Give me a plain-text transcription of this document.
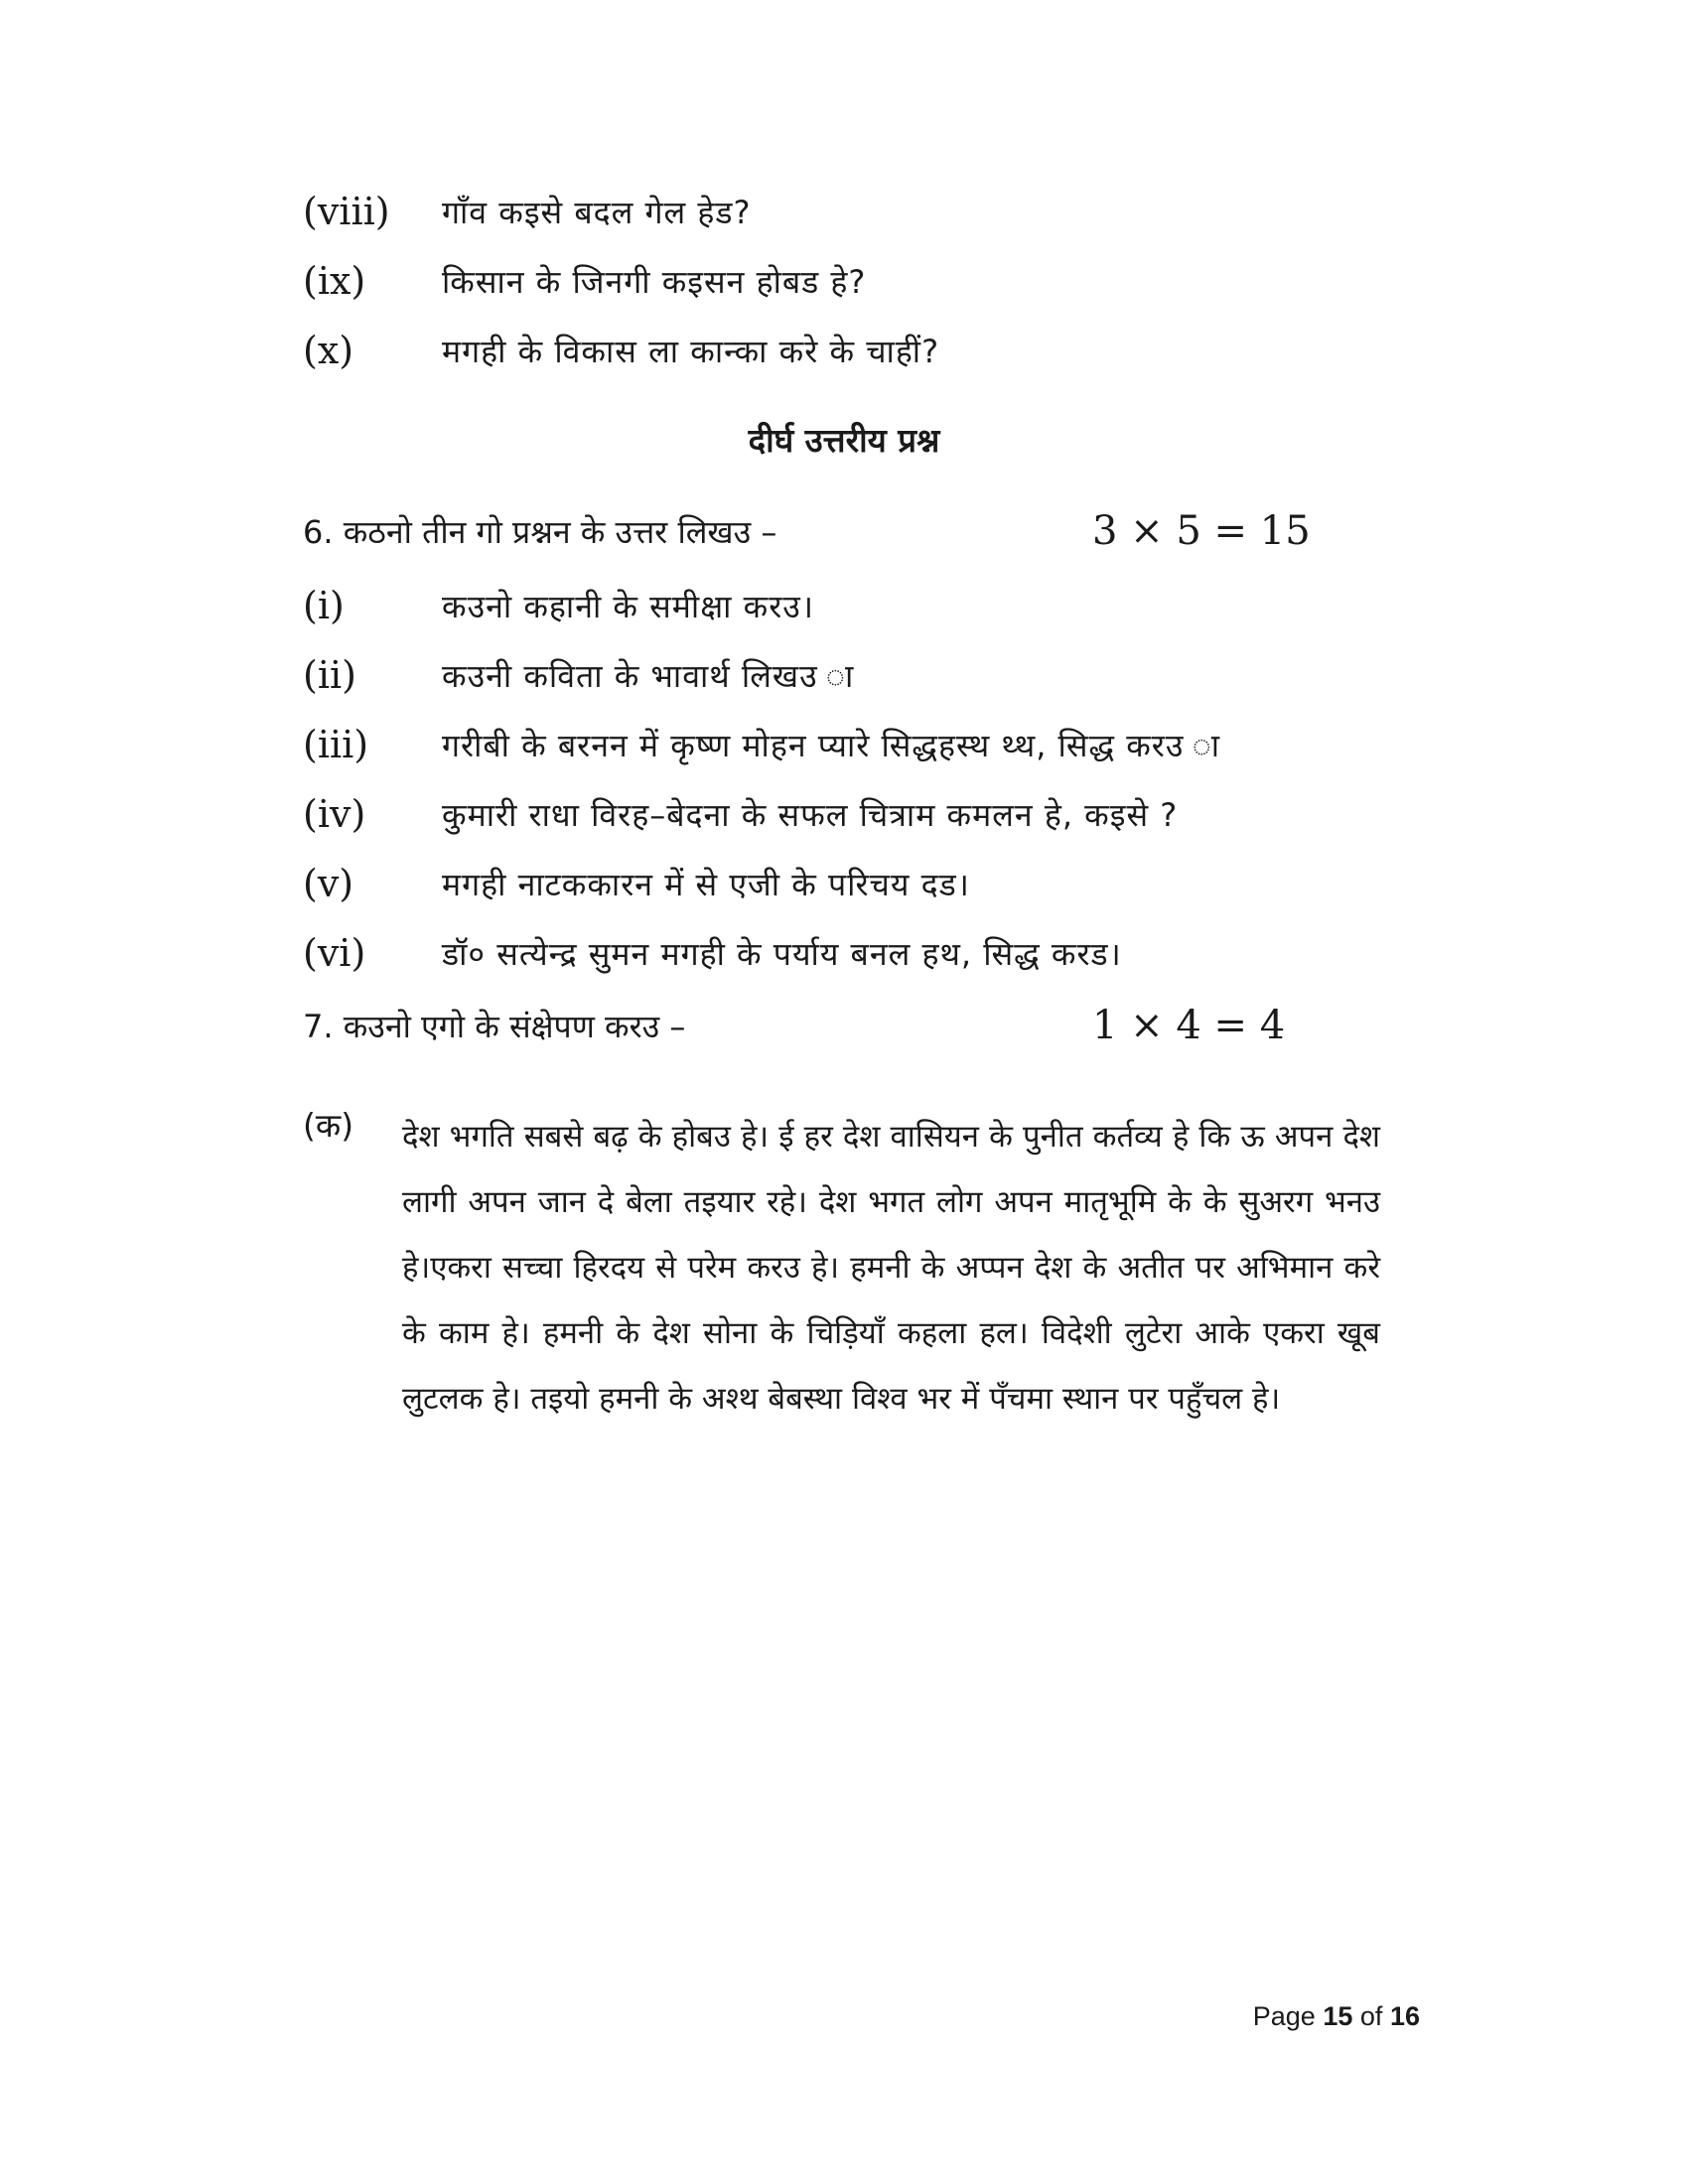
(viii)	गाँव कइसे बदल गेल हेड?
(ix)	किसान के जिनगी कइसन होबड हे?
(x)	मगही के विकास ला कान्का करे के चाहीं?
दीर्घ उत्तरीय प्रश्न
6. कठनो तीन गो प्रश्नन के उत्तर लिखउ –	3 × 5 = 15
(i)	कउनो कहानी के समीक्षा करउ।
(ii)	कउनी कविता के भावार्थ लिखउ ा
(iii)	गरीबी के बरनन में कृष्ण मोहन प्यारे सिद्धहस्थ थ्थ, सिद्ध करउ ा
(iv)	कुमारी राधा विरह–बेदना के सफल चित्राम कमलन हे, कइसे ?
(v)	मगही नाटककारन में से एजी के परिचय दड।
(vi)	डॉ० सत्येन्द्र सुमन मगही के पर्याय बनल हथ, सिद्ध करड।
7. कउनो एगो के संक्षेपण करउ –	1 × 4 = 4
(क) देश भगति सबसे बढ़ के होबउ हे। ई हर देश वासियन के पुनीत कर्तव्य हे कि ऊ अपन देश लागी अपन जान दे बेला तइयार रहे। देश भगत लोग अपन मातृभूमि के के सुअरग भनउ हे।एकरा सच्चा हिरदय से परेम करउ हे। हमनी के अप्पन देश के अतीत पर अभिमान करे के काम हे। हमनी के देश सोना के चिड़ियाँ कहला हल। विदेशी लुटेरा आके एकरा खूब लुटलक हे। तइयो हमनी के अश्थ बेबस्था विश्व भर में पँचमा स्थान पर पहुँचल हे।

Page 15 of 16
